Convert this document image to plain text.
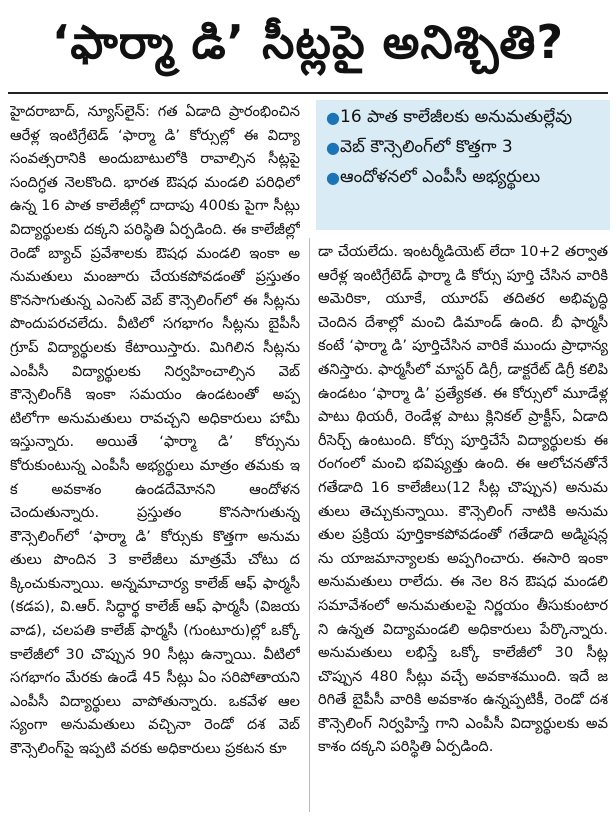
‘ఫార్మా డి’ సీట్లపై అనిశ్చితి?

హైదరాబాద్, న్యూస్‌లైన్: గత ఏడాది ప్రారంభించిన ఆరేళ్ల ఇంటిగ్రేటెడ్ ‘ఫార్మా డి’ కోర్సుల్లో ఈ విద్యా సంవత్సరానికి అందుబాటులోకి రావాల్సిన సీట్లపై సందిగ్ధత నెలకొంది. భారత ఔషధ మండలి పరిధిలో ఉన్న 16 పాత కాలేజీల్లో దాదాపు 400కు పైగా సీట్లు విద్యార్థులకు దక్కని పరిస్థితి ఏర్పడింది. ఈ కాలేజీల్లో రెండో బ్యాచ్ ప్రవేశాలకు ఔషధ మండలి ఇంకా అనుమతులు మంజూరు చేయకపోవడంతో ప్రస్తుతం కొనసాగుతున్న ఎంసెట్ వెబ్ కౌన్సెలింగ్‌లో ఈ సీట్లను పొందుపరచలేదు. వీటిలో సగభాగం సీట్లను బైపీసీ గ్రూప్ విద్యార్థులకు కేటాయిస్తారు. మిగిలిన సీట్లను ఎంపీసీ విద్యార్థులకు నిర్వహించాల్సిన వెబ్ కౌన్సెలింగ్‌కి ఇంకా సమయం ఉండటంతో అప్పటిలోగా అనుమతులు రావచ్చని అధికారులు హామీ ఇస్తున్నారు. అయితే ‘ఫార్మా డి’ కోర్సును కోరుకుంటున్న ఎంపీసీ అభ్యర్థులు మాత్రం తమకు ఇక అవకాశం ఉండదేమోనని ఆందోళన చెందుతున్నారు. ప్రస్తుతం కొనసాగుతున్న కౌన్సెలింగ్‌లో ‘ఫార్మా డి’ కోర్సుకు కొత్తగా అనుమతులు పొందిన 3 కాలేజీలు మాత్రమే చోటు దక్కించుకున్నాయి. అన్నమాచార్య కాలేజ్ ఆఫ్ ఫార్మసీ (కడప), వి.ఆర్. సిద్ధార్థ కాలేజ్ ఆఫ్ ఫార్మసీ (విజయవాడ), చలపతి కాలేజ్ ఫార్మసీ (గుంటూరు)ల్లో ఒక్కో కాలేజీలో 30 చొప్పున 90 సీట్లు ఉన్నాయి. వీటిలో సగభాగం మేరకు ఉండే 45 సీట్లు ఏం సరిపోతాయని ఎంపీసీ విద్యార్థులు వాపోతున్నారు. ఒకవేళ ఆలస్యంగా అనుమతులు వచ్చినా రెండో దశ వెబ్ కౌన్సెలింగ్‌పై ఇప్పటి వరకు అధికారులు ప్రకటన కూ

● 16 పాత కాలేజీలకు అనుమతుల్లేవు
● వెబ్ కౌన్సెలింగ్‌లో కొత్తగా 3
● ఆందోళనలో ఎంపీసీ అభ్యర్థులు

డా చేయలేదు. ఇంటర్మీడియెట్ లేదా 10+2 తర్వాత ఆరేళ్ల ఇంటిగ్రేటెడ్ ఫార్మా డి కోర్సు పూర్తి చేసిన వారికి అమెరికా, యూకే, యూరప్ తదితర అభివృద్ధి చెందిన దేశాల్లో మంచి డిమాండ్ ఉంది. బీ ఫార్మసీ కంటే ‘ఫార్మా డి’ పూర్తిచేసిన వారికే ముందు ప్రాధాన్యతనిస్తారు. ఫార్మసీలో మాస్టర్ డిగ్రీ, డాక్టరేట్ డిగ్రీ కలిపి ఉండటం ‘ఫార్మా డి’ ప్రత్యేకత. ఈ కోర్సులో మూడేళ్లపాటు థియరీ, రెండేళ్ల పాటు క్లినికల్ ప్రాక్టీస్, ఏడాది రీసెర్చ్ ఉంటుంది. కోర్సు పూర్తిచేసే విద్యార్థులకు ఈ రంగంలో మంచి భవిష్యత్తు ఉంది. ఈ ఆలోచనతోనే గతేడాది 16 కాలేజీలు(12 సీట్ల చొప్పున) అనుమతులు తెచ్చుకున్నాయి. కౌన్సెలింగ్ నాటికి అనుమతుల ప్రక్రియ పూర్తికాకపోవడంతో గతేడాది అడ్మిషన్లను యాజమాన్యాలకు అప్పగించారు. ఈసారి ఇంకా అనుమతులు రాలేదు. ఈ నెల 8న ఔషధ మండలి సమావేశంలో అనుమతులపై నిర్ణయం తీసుకుంటారని ఉన్నత విద్యామండలి అధికారులు పేర్కొన్నారు. అనుమతులు లభిస్తే ఒక్కో కాలేజీలో 30 సీట్ల చొప్పున 480 సీట్లు వచ్చే అవకాశముంది. ఇదే జరిగితే బైపీసీ వారికి అవకాశం ఉన్నప్పటికీ, రెండో దశ కౌన్సెలింగ్ నిర్వహిస్తే గాని ఎంపీసీ విద్యార్థులకు అవకాశం దక్కని పరిస్థితి ఏర్పడింది.
